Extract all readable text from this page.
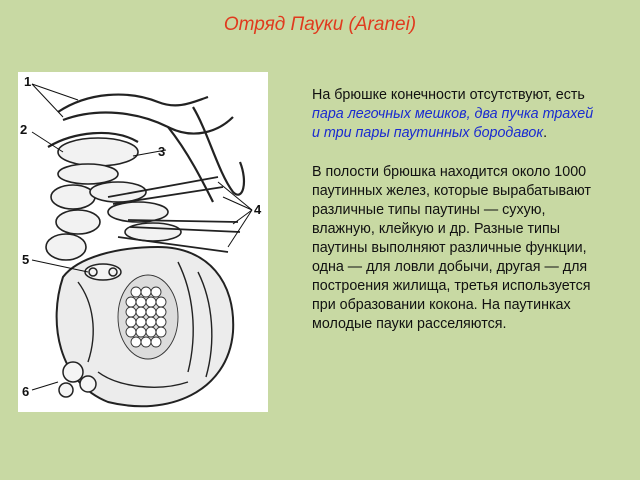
Отряд Пауки (Aranei)
1
2
3
4
5
6

На брюшке конечности отсутствуют, есть пара легочных мешков, два пучка трахей и три пары паутинных бородавок.

В полости брюшка находится около 1000 паутинных желез, которые вырабатывают различные типы паутины — сухую, влажную, клейкую и др. Разные типы паутины выполняют различные функции, одна — для ловли добычи, другая — для построения жилища, третья используется при образовании кокона. На паутинках молодые пауки расселяются.
